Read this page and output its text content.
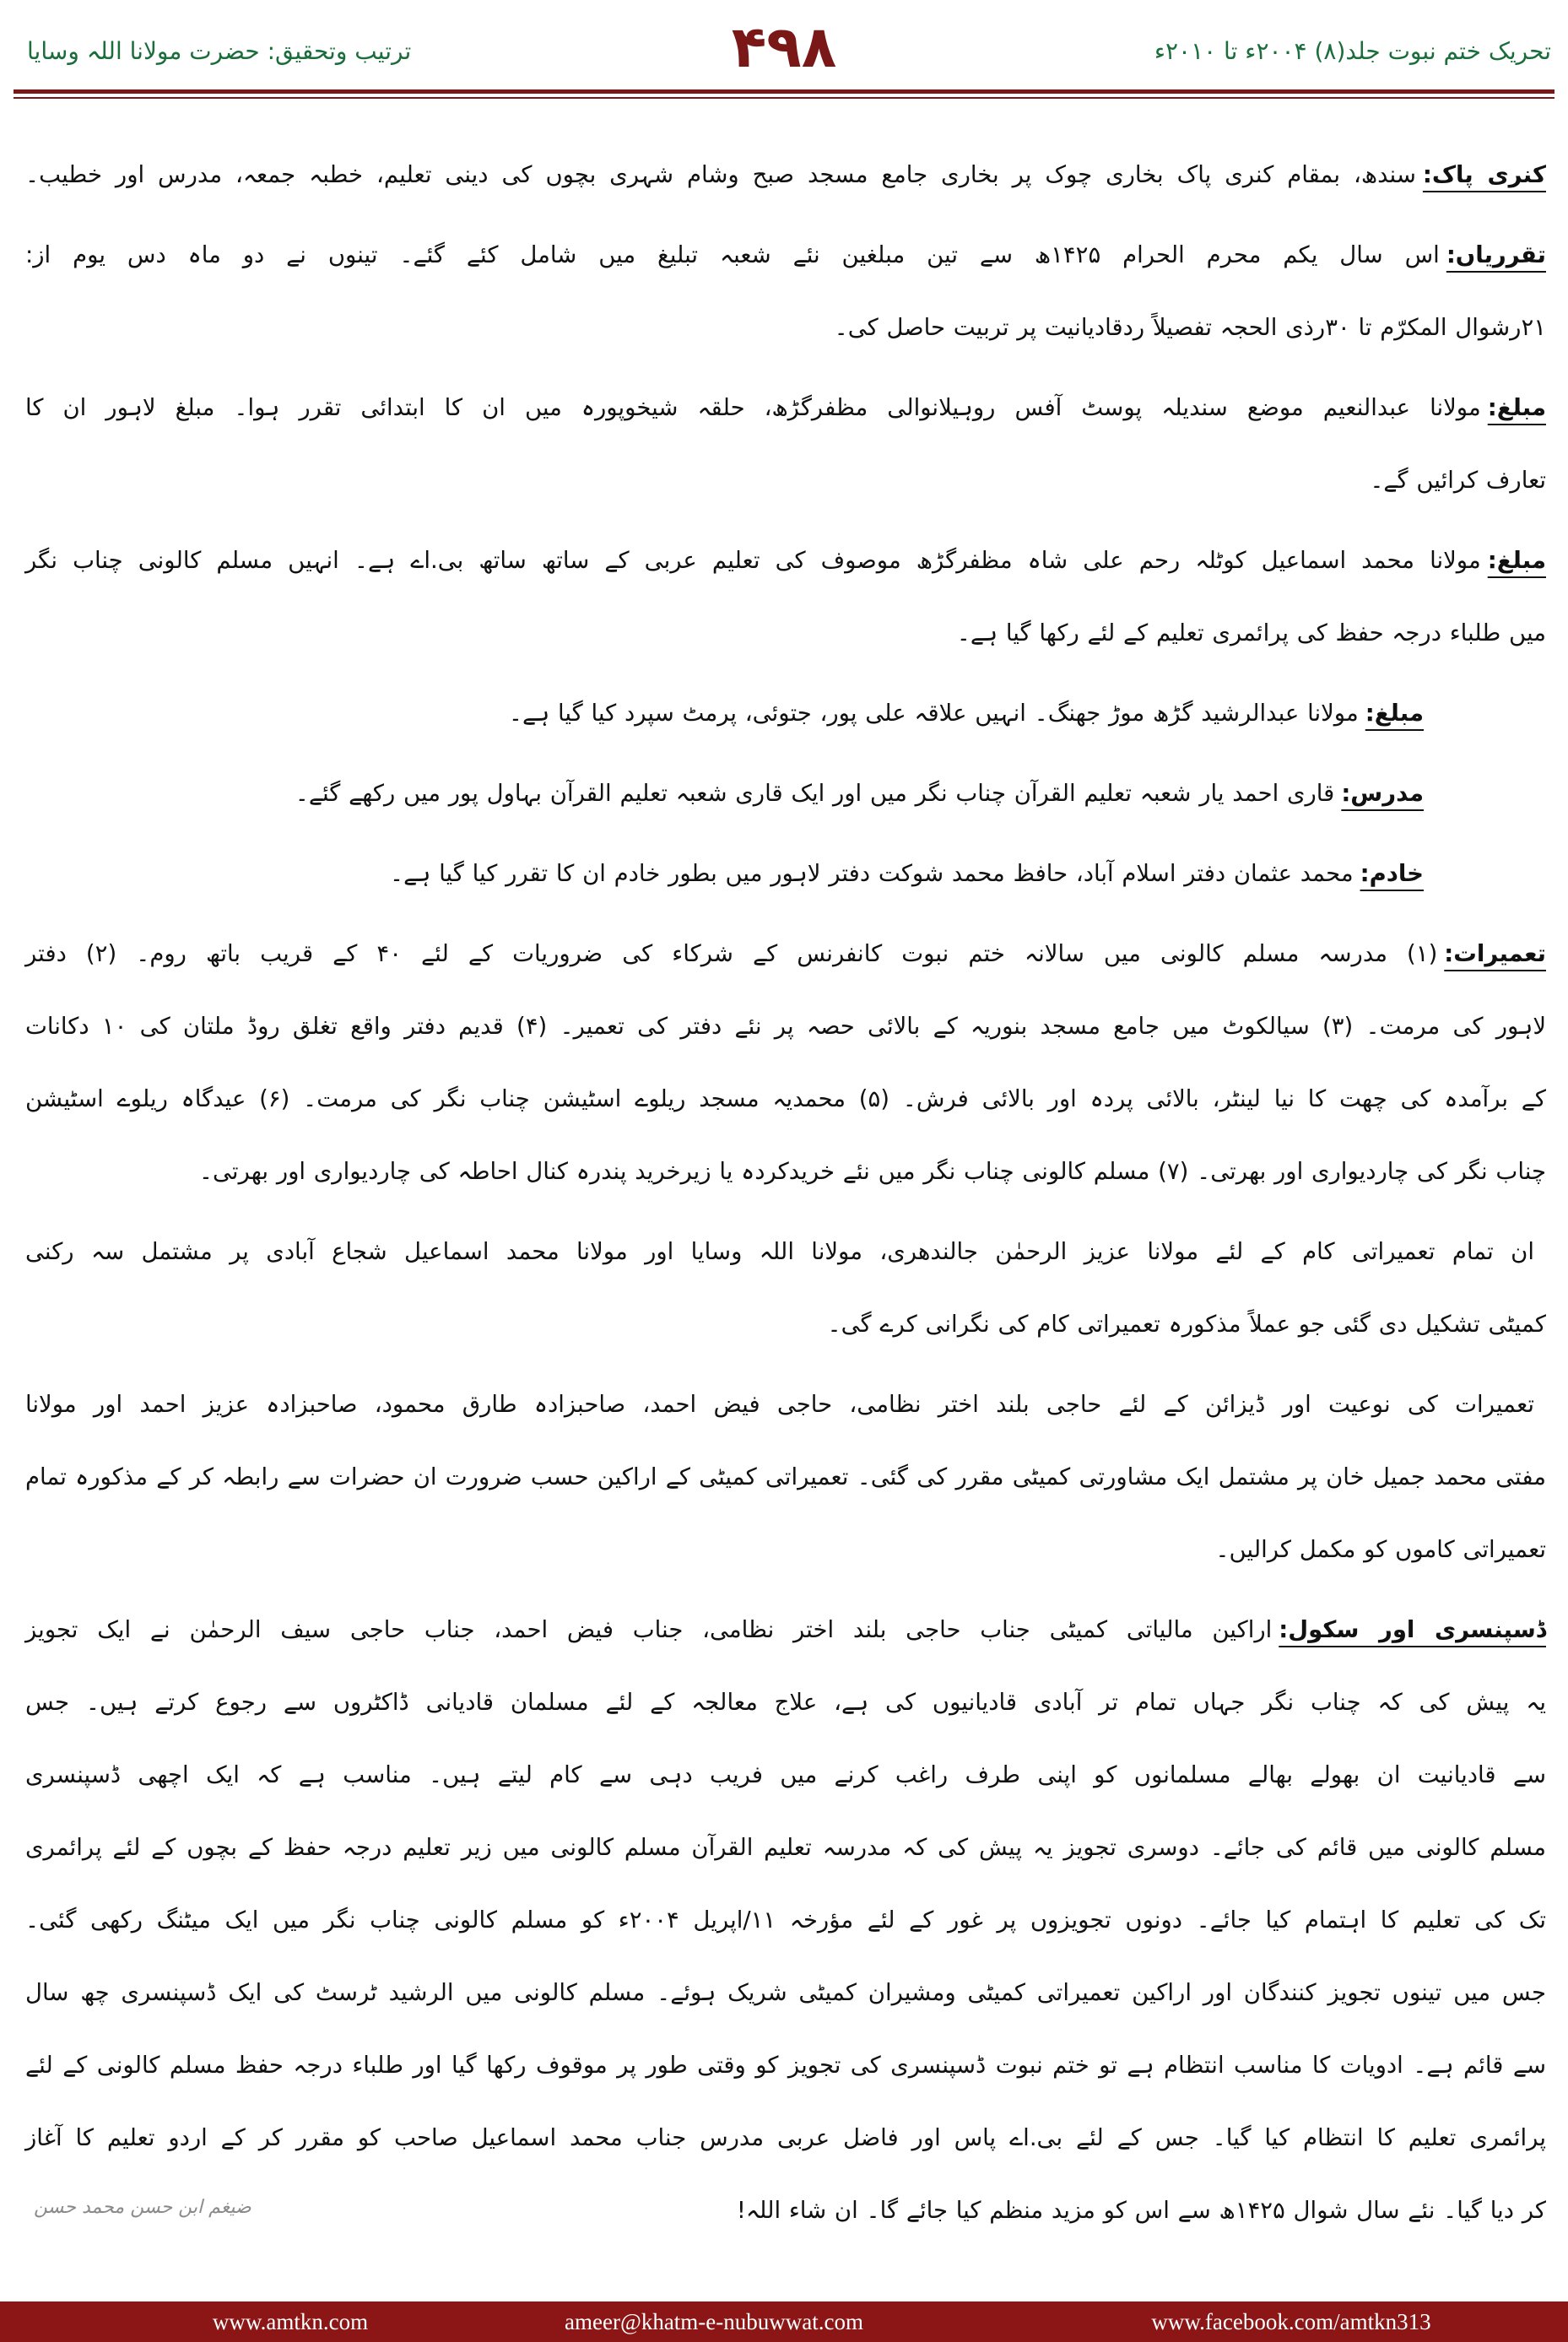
ترتیب وتحقیق: حضرت مولانا اللہ وسایا	۴۹۸	تحریک ختم نبوت جلد(۸) ۲۰۰۴ء تا ۲۰۱۰ء
کنری پاک:سندھ، بمقام کنری پاک بخاری چوک پر بخاری جامع مسجد صبح وشام شہری بچوں کی دینی تعلیم، خطبہ جمعہ، مدرس اور خطیب۔
تقرریاں:اس سال یکم محرم الحرام ۱۴۲۵ھ سے تین مبلغین نئے شعبہ تبلیغ میں شامل کئے گئے۔ تینوں نے دو ماہ دس یوم از:
۲۱رشوال المکرّم تا ۳۰رذی الحجہ تفصیلاً ردقادیانیت پر تربیت حاصل کی۔
مبلغ:مولانا عبدالنعیم موضع سندیلہ پوسٹ آفس روہیلانوالی مظفرگڑھ، حلقہ شیخوپورہ میں ان کا ابتدائی تقرر ہوا۔ مبلغ لاہور ان کا
تعارف کرائیں گے۔
مبلغ:مولانا محمد اسماعیل کوٹلہ رحم علی شاہ مظفرگڑھ موصوف کی تعلیم عربی کے ساتھ ساتھ بی.اے ہے۔ انہیں مسلم کالونی چناب نگر
میں طلباء درجہ حفظ کی پرائمری تعلیم کے لئے رکھا گیا ہے۔
مبلغ:مولانا عبدالرشید گڑھ موڑ جھنگ۔ انہیں علاقہ علی پور، جتوئی، پرمٹ سپرد کیا گیا ہے۔
مدرس:قاری احمد یار شعبہ تعلیم القرآن چناب نگر میں اور ایک قاری شعبہ تعلیم القرآن بہاول پور میں رکھے گئے۔
خادم:محمد عثمان دفتر اسلام آباد، حافظ محمد شوکت دفتر لاہور میں بطور خادم ان کا تقرر کیا گیا ہے۔
تعمیرات:(۱) مدرسہ مسلم کالونی میں سالانہ ختم نبوت کانفرنس کے شرکاء کی ضروریات کے لئے ۴۰ کے قریب باتھ روم۔ (۲) دفتر
لاہور کی مرمت۔ (۳) سیالکوٹ میں جامع مسجد بنوریہ کے بالائی حصہ پر نئے دفتر کی تعمیر۔ (۴) قدیم دفتر واقع تغلق روڈ ملتان کی ۱۰ دکانات
کے برآمدہ کی چھت کا نیا لینٹر، بالائی پردہ اور بالائی فرش۔ (۵) محمدیہ مسجد ریلوے اسٹیشن چناب نگر کی مرمت۔ (۶) عیدگاہ ریلوے اسٹیشن
چناب نگر کی چاردیواری اور بھرتی۔ (۷) مسلم کالونی چناب نگر میں نئے خریدکردہ یا زیرخرید پندرہ کنال احاطہ کی چاردیواری اور بھرتی۔
ان تمام تعمیراتی کام کے لئے مولانا عزیز الرحمٰن جالندھری، مولانا اللہ وسایا اور مولانا محمد اسماعیل شجاع آبادی پر مشتمل سہ رکنی
کمیٹی تشکیل دی گئی جو عملاً مذکورہ تعمیراتی کام کی نگرانی کرے گی۔
تعمیرات کی نوعیت اور ڈیزائن کے لئے حاجی بلند اختر نظامی، حاجی فیض احمد، صاحبزادہ طارق محمود، صاحبزادہ عزیز احمد اور مولانا
مفتی محمد جمیل خان پر مشتمل ایک مشاورتی کمیٹی مقرر کی گئی۔ تعمیراتی کمیٹی کے اراکین حسب ضرورت ان حضرات سے رابطہ کر کے مذکورہ تمام
تعمیراتی کاموں کو مکمل کرالیں۔
ڈسپنسری اور سکول:اراکین مالیاتی کمیٹی جناب حاجی بلند اختر نظامی، جناب فیض احمد، جناب حاجی سیف الرحمٰن نے ایک تجویز
یہ پیش کی کہ چناب نگر جہاں تمام تر آبادی قادیانیوں کی ہے، علاج معالجہ کے لئے مسلمان قادیانی ڈاکٹروں سے رجوع کرتے ہیں۔ جس
سے قادیانیت ان بھولے بھالے مسلمانوں کو اپنی طرف راغب کرنے میں فریب دہی سے کام لیتے ہیں۔ مناسب ہے کہ ایک اچھی ڈسپنسری
مسلم کالونی میں قائم کی جائے۔ دوسری تجویز یہ پیش کی کہ مدرسہ تعلیم القرآن مسلم کالونی میں زیر تعلیم درجہ حفظ کے بچوں کے لئے پرائمری
تک کی تعلیم کا اہتمام کیا جائے۔ دونوں تجویزوں پر غور کے لئے مؤرخہ ۱۱/اپریل ۲۰۰۴ء کو مسلم کالونی چناب نگر میں ایک میٹنگ رکھی گئی۔
جس میں تینوں تجویز کنندگان اور اراکین تعمیراتی کمیٹی ومشیران کمیٹی شریک ہوئے۔ مسلم کالونی میں الرشید ٹرسٹ کی ایک ڈسپنسری چھ سال
سے قائم ہے۔ ادویات کا مناسب انتظام ہے تو ختم نبوت ڈسپنسری کی تجویز کو وقتی طور پر موقوف رکھا گیا اور طلباء درجہ حفظ مسلم کالونی کے لئے
پرائمری تعلیم کا انتظام کیا گیا۔ جس کے لئے بی.اے پاس اور فاضل عربی مدرس جناب محمد اسماعیل صاحب کو مقرر کر کے اردو تعلیم کا آغاز
کر دیا گیا۔ نئے سال شوال ۱۴۲۵ھ سے اس کو مزید منظم کیا جائے گا۔ ان شاء اللہ!
ضیغم ابن حسن محمد حسن
www.amtkn.com	ameer@khatm-e-nubuwwat.com	www.facebook.com/amtkn313
